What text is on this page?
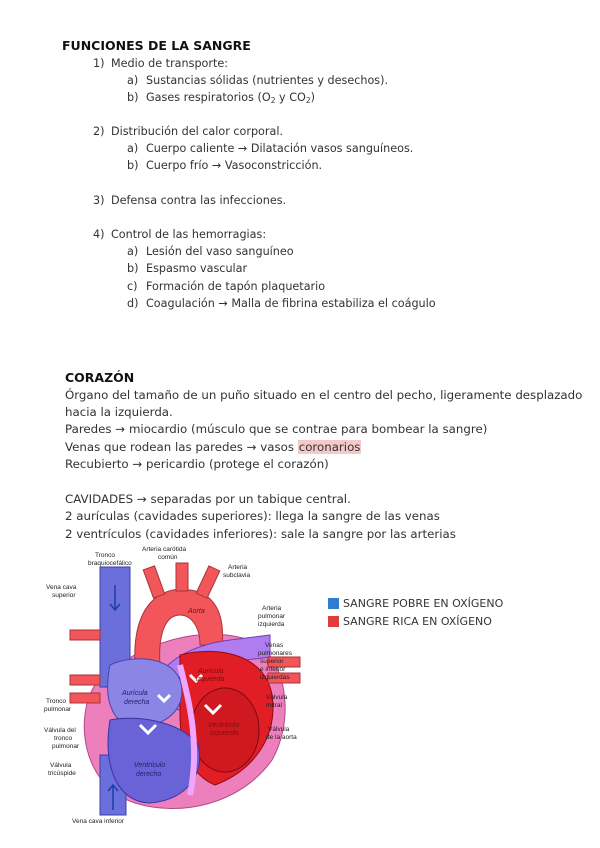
FUNCIONES DE LA SANGRE
1) Medio de transporte:
a) Sustancias sólidas (nutrientes y desechos).
b) Gases respiratorios ($O_2$ y $CO_2$)
2) Distribución del calor corporal.
a) Cuerpo caliente → Dilatación vasos sanguíneos.
b) Cuerpo frío → Vasoconstricción.
3) Defensa contra las infecciones.
4) Control de las hemorragias:
a) Lesión del vaso sanguíneo
b) Espasmo vascular
c) Formación de tapón plaquetario
d) Coagulación → Malla de fibrina estabiliza el coágulo
CORAZÓN
Órgano del tamaño de un puño situado en el centro del pecho, ligeramente desplazado
hacia la izquierda.
Paredes → miocardio (músculo que se contrae para bombear la sangre)
Venas que rodean las paredes → vasos coronarios
Recubierto → pericardio (protege el corazón)
CAVIDADES → separadas por un tabique central.
2 aurículas (cavidades superiores): llega la sangre de las venas
2 ventrículos (cavidades inferiores): sale la sangre por las arterias
SANGRE POBRE EN OXÍGENO
SANGRE RICA EN OXÍGENO
Tronco braquiocefálico
Arteria carótida común
Arteria subclavia
Vena cava superior
Aorta	Arteria pulmonar izquierda
Venas pulmonares superior e inferior izquierdas
Aurícula derecha
Aurícula izquierda
Ventrículo izquierdo
Ventrículo derecho
Tronco pulmonar
Válvula mitral
Válvula del tronco pulmonar
Válvula de la aorta
Válvula tricúspide
Vena cava inferior
